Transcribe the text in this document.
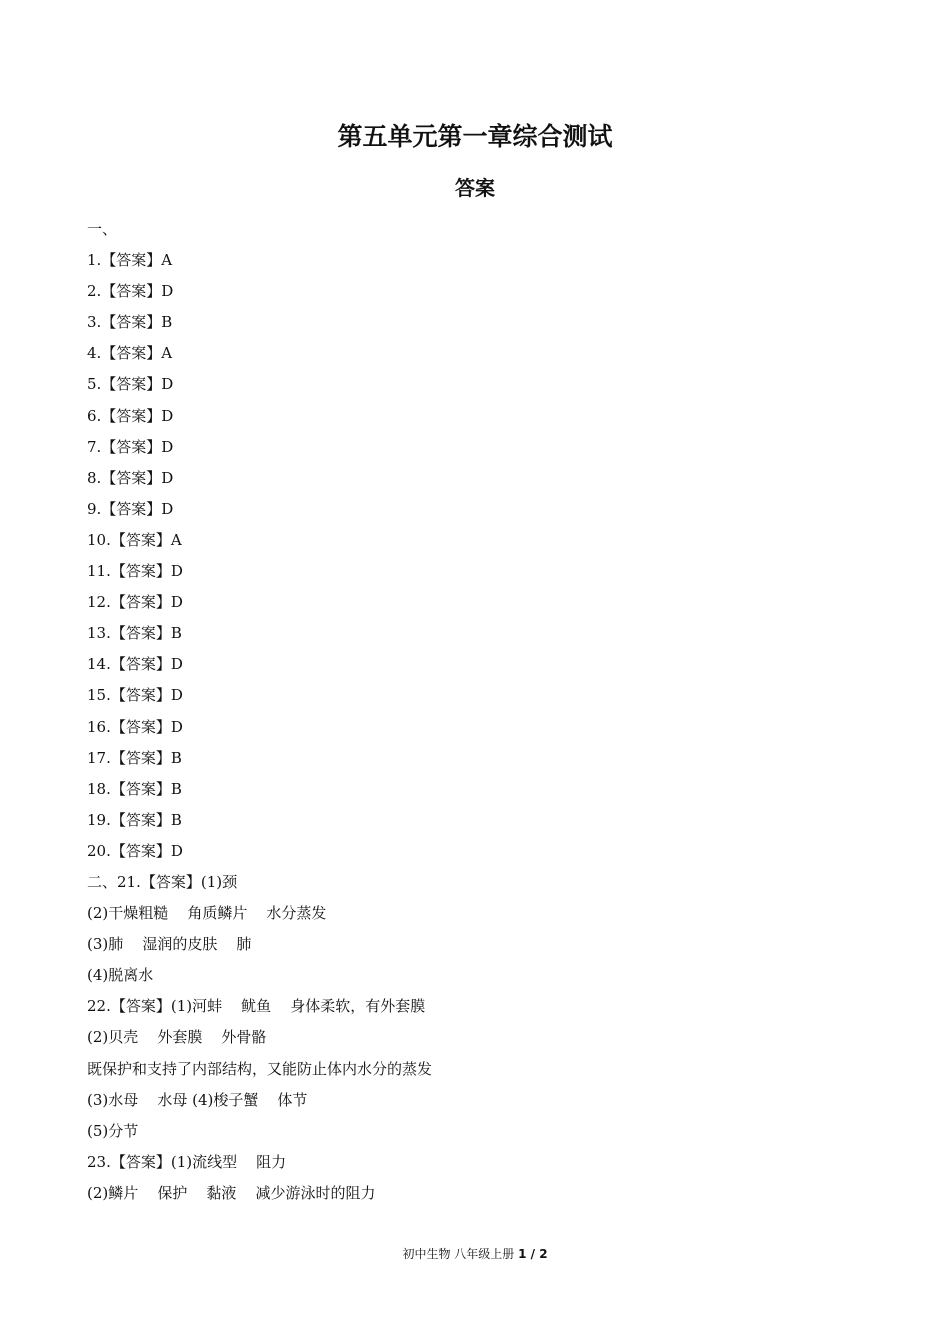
第五单元第一章综合测试
答案
一、
1.【答案】A
2.【答案】D
3.【答案】B
4.【答案】A
5.【答案】D
6.【答案】D
7.【答案】D
8.【答案】D
9.【答案】D
10.【答案】A
11.【答案】D
12.【答案】D
13.【答案】B
14.【答案】D
15.【答案】D
16.【答案】D
17.【答案】B
18.【答案】B
19.【答案】B
20.【答案】D
二、21.【答案】(1)颈
(2)干燥粗糙    角质鳞片    水分蒸发
(3)肺    湿润的皮肤    肺
(4)脱离水
22.【答案】(1)河蚌    鱿鱼    身体柔软，有外套膜
(2)贝壳    外套膜    外骨骼
既保护和支持了内部结构，又能防止体内水分的蒸发
(3)水母    水母 (4)梭子蟹    体节
(5)分节
23.【答案】(1)流线型    阻力
(2)鳞片    保护    黏液    减少游泳时的阻力
初中生物 八年级上册 1 / 2
